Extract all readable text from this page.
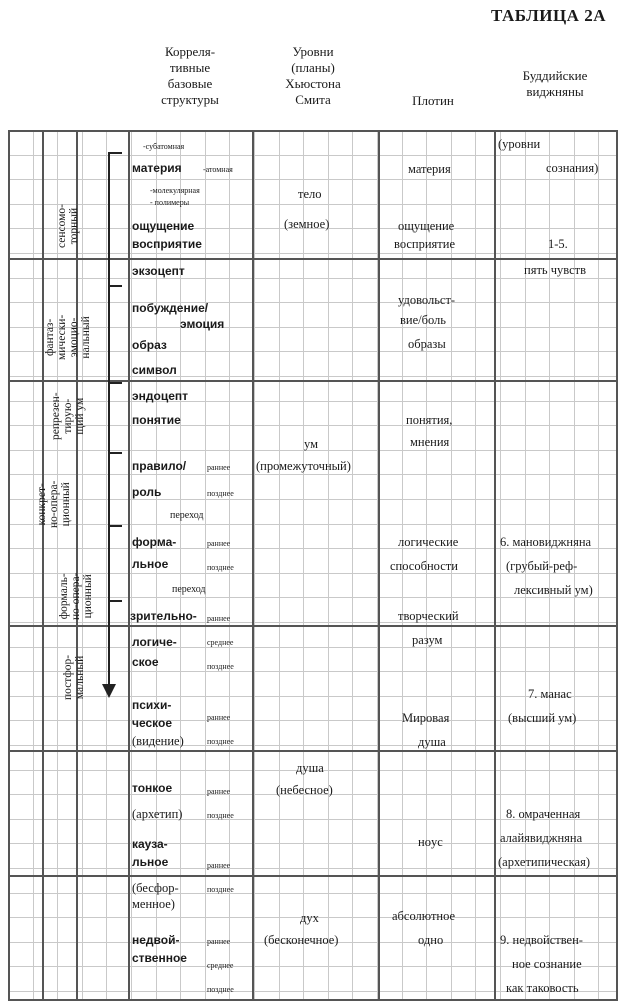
ТАБЛИЦА 2А
Корреля-
тивные
базовые
структуры
Уровни
(планы)
Хьюстона
Смита	Плотин
Буддийские
виджняны
сенсомо-
торный
фантаз-
мически-
эмоцио-
нальный
репрезен-
тирую-
щий ум
конкрет-
но-опера-
ционный
формаль-
но-опера-
ционный
постфор-
мальный
-субатомная
материя	-атомная
-молекулярная
- полимеры
ощущение
восприятие
экзоцепт
побуждение/
эмоция
образ
символ
эндоцепт
понятие
правило/
роль
переход
форма-
льное
переход
зрительно-
логиче-
ское
психи-
ческое
(видение)
тонкое
(архетип)
кауза-
льное
(бесфор-
менное)
недвой-
ственное
раннее
позднее
раннее
позднее
раннее
среднее
позднее
раннее
позднее
раннее
позднее
раннее
позднее
раннее
среднее
позднее
тело
(земное)
ум
(промежуточный)
душа
(небесное)
дух
(бесконечное)
материя
ощущение
восприятие
удовольст-
вие/боль
образы
понятия,
мнения
логические
способности
творческий
разум
Мировая
душа
нoус
абсолютное
одно
(уровни
сознания)
1-5.
пять чувств
6. мановиджняна
(грубый-реф-
лексивный ум)
7. манас
(высший ум)
8. омраченная
алайявиджняна
(архетипическая)
9. недвойствен-
ное сознание
как таковость
